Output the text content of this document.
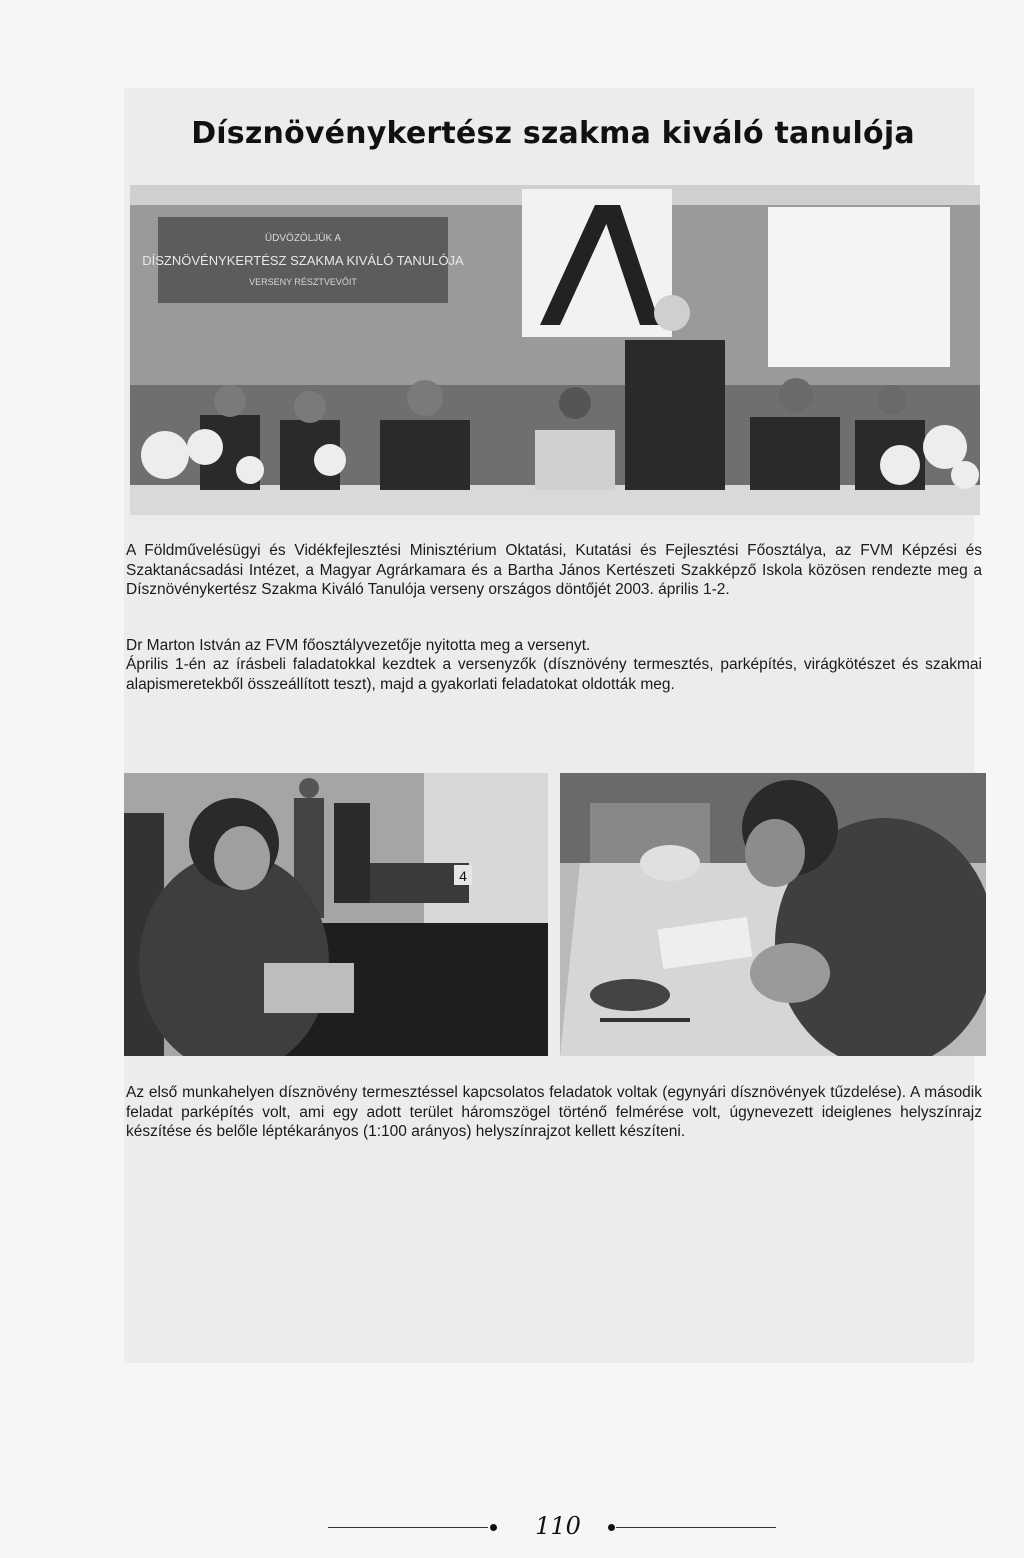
Dísznövénykertész szakma kiváló tanulója
ÜDVÖZÖLJÜK A
DÍSZNÖVÉNYKERTÉSZ SZAKMA KIVÁLÓ TANULÓJA
VERSENY RÉSZTVEVŐIT

A Földművelésügyi és Vidékfejlesztési Minisztérium Oktatási, Kutatási és Fejlesztési Főosztálya, az FVM Képzési és Szaktanácsadási Intézet, a Magyar Agrárkamara és a Bartha János Kertészeti Szakképző Iskola közösen rendezte meg a Dísznövénykertész Szakma Kiváló Tanulója verseny országos döntőjét 2003. április 1-2.

Dr Marton István az FVM főosztályvezetője nyitotta meg a versenyt.

Április 1-én az írásbeli faladatokkal kezdtek a versenyzők (dísznövény termesztés, parképítés, virágkötészet és szakmai alapismeretekből összeállított teszt), majd a gyakorlati feladatokat oldották meg.

4

Az első munkahelyen dísznövény termesztéssel kapcsolatos feladatok voltak (egynyári dísznövények tűzdelése). A második feladat parképítés volt, ami egy adott terület háromszögel történő felmérése volt, úgynevezett ideiglenes helyszínrajz készítése és belőle léptékarányos (1:100 arányos) helyszínrajzot kellett készíteni.

110
